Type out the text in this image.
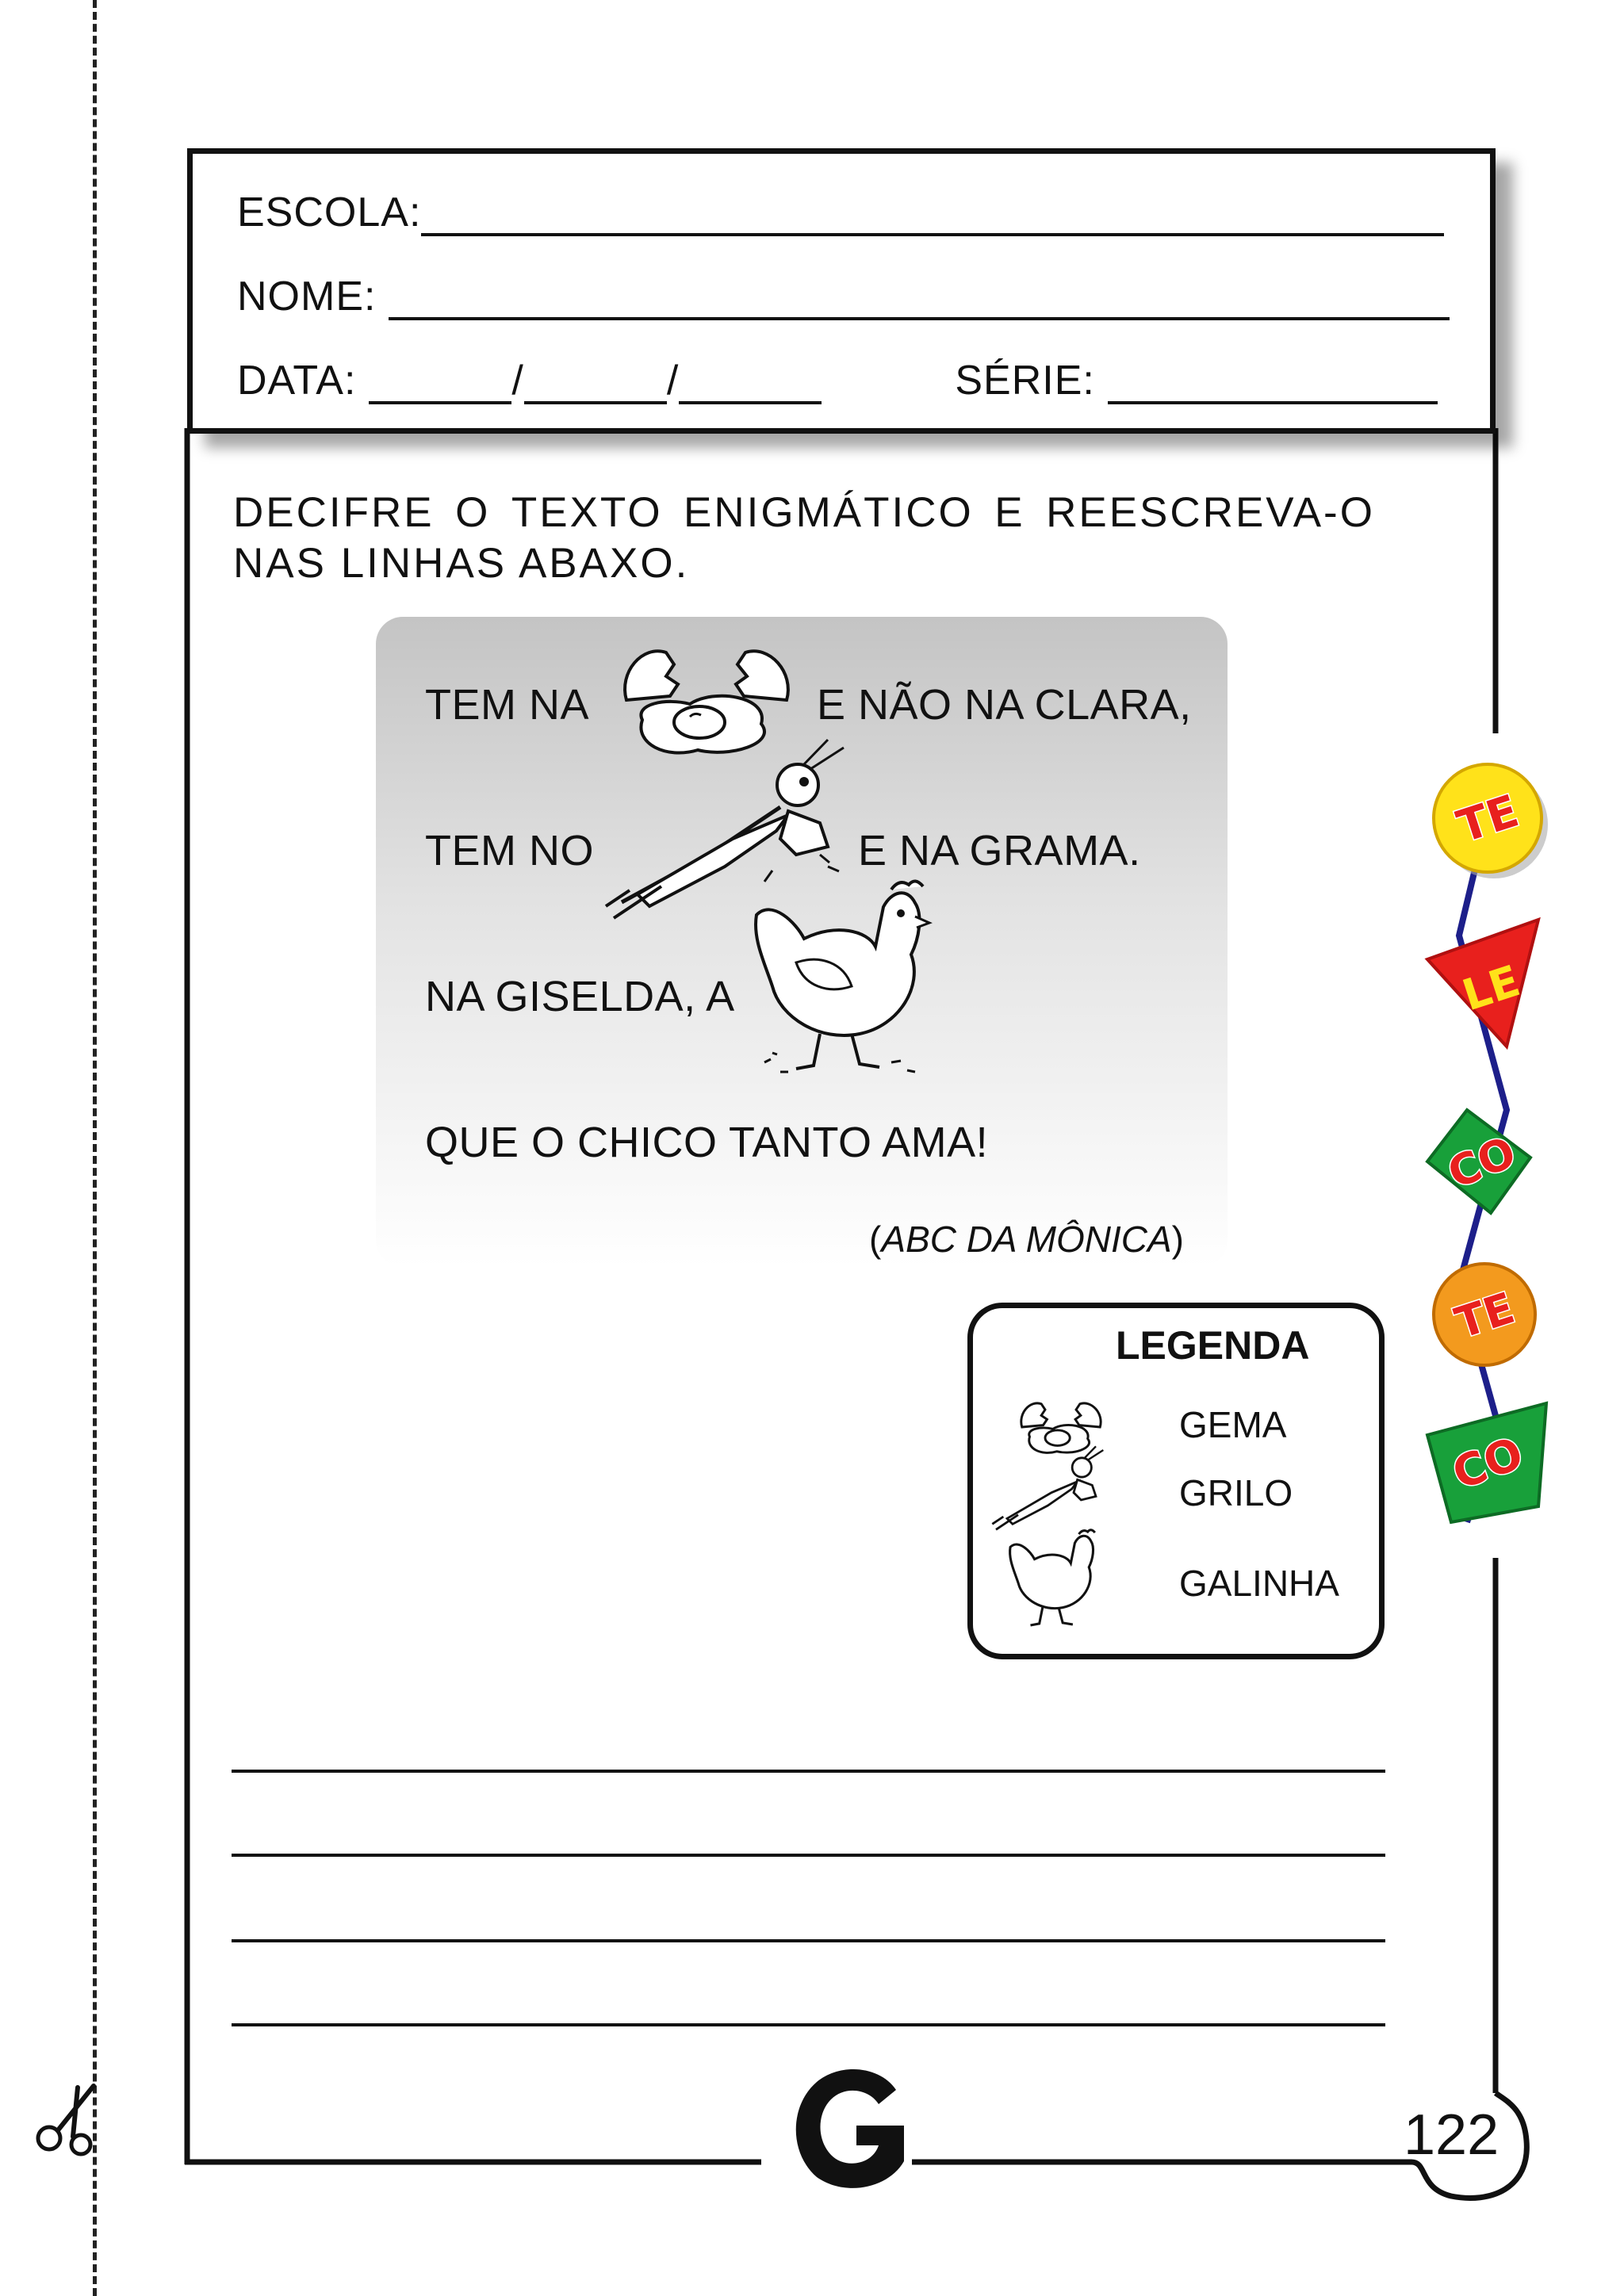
ESCOLA:
NOME:
DATA:	/	/	SÉRIE:
DECIFRE O TEXTO ENIGMÁTICO E REESCREVA-O
NAS LINHAS ABAXO.
TEM NA	E NÃO NA CLARA,
TEM NO	E NA GRAMA.
NA GISELDA, A
QUE O CHICO TANTO AMA!
(ABC DA MÔNICA)
LEGENDA
GEMA
GRILO
GALINHA
G
122
TE
LE
CO
TE
CO
